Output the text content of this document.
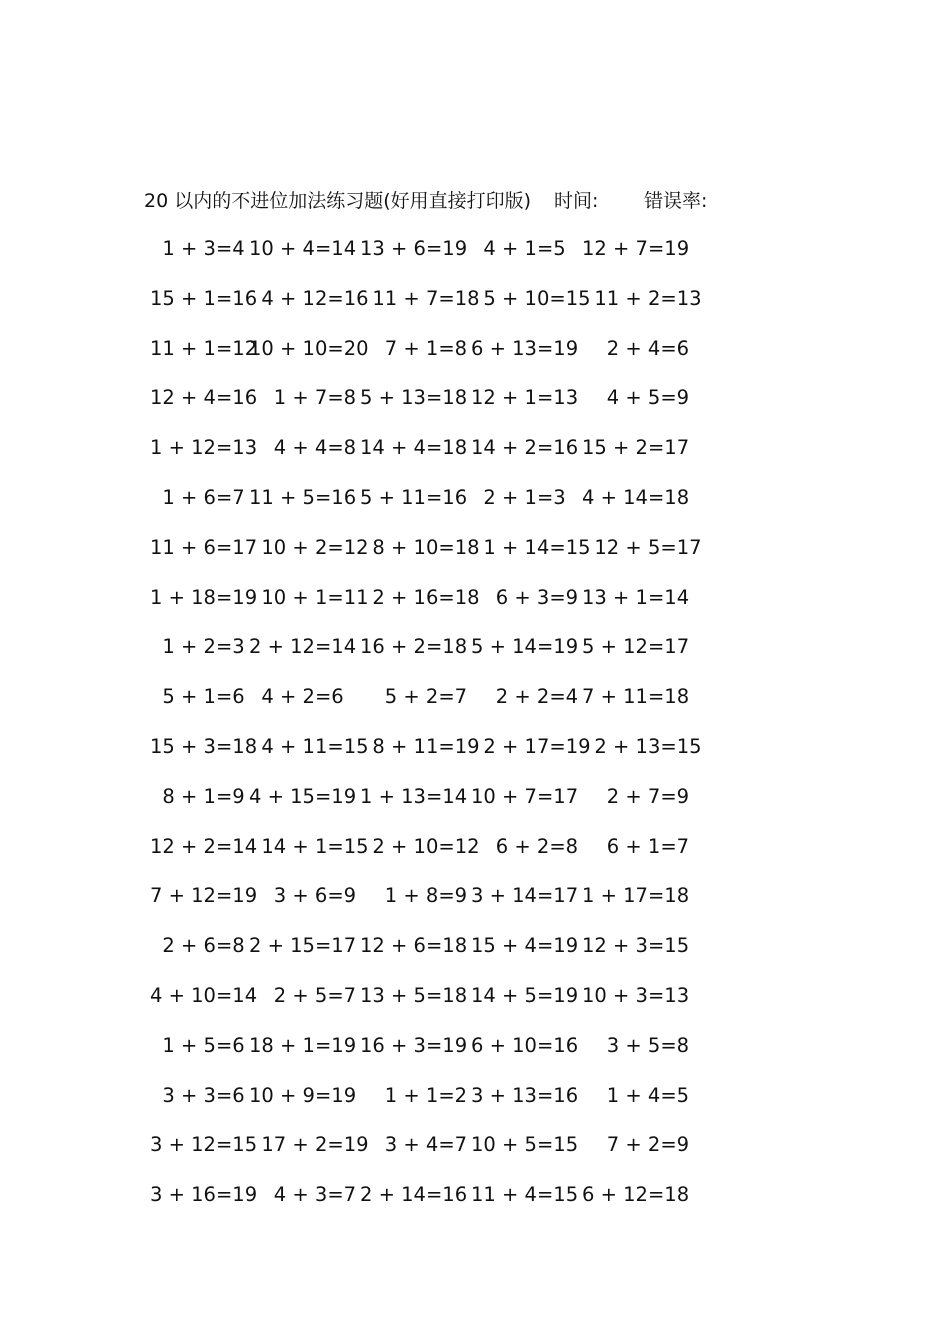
20 以内的不进位加法练习题(好用直接打印版) 时间: 错误率:
1 + 3=4 10 + 4=14 13 + 6=19 4 + 1=5 12 + 7=19
15 + 1=16
4 + 12=16
11 + 7=18
5 + 10=15
11 + 2=13
11 + 1=12
10 + 10=20
7 + 1=8 6 + 13=19 2 + 4=6
12 + 4=16
1 + 7=8 5 + 13=18 12 + 1=13 4 + 5=9
1 + 12=13
4 + 4=8 14 + 4=18 14 + 2=16 15 + 2=17
1 + 6=7 11 + 5=16 5 + 11=16 2 + 1=3 4 + 14=18
11 + 6=17
10 + 2=12
8 + 10=18
1 + 14=15
12 + 5=17
1 + 18=19
10 + 1=11
2 + 16=18
6 + 3=9 13 + 1=14
1 + 2=3 2 + 12=14 16 + 2=18 5 + 14=19 5 + 12=17
5 + 1=6 4 + 2=6 5 + 2=7 2 + 2=4 7 + 11=18
15 + 3=18
4 + 11=15
8 + 11=19
2 + 17=19
2 + 13=15
8 + 1=9 4 + 15=19 1 + 13=14 10 + 7=17 2 + 7=9
12 + 2=14
14 + 1=15
2 + 10=12
6 + 2=8 6 + 1=7
7 + 12=19
3 + 6=9 1 + 8=9 3 + 14=17 1 + 17=18
2 + 6=8 2 + 15=17 12 + 6=18 15 + 4=19 12 + 3=15
4 + 10=14
2 + 5=7 13 + 5=18 14 + 5=19 10 + 3=13
1 + 5=6 18 + 1=19 16 + 3=19 6 + 10=16 3 + 5=8
3 + 3=6 10 + 9=19 1 + 1=2 3 + 13=16 1 + 4=5
3 + 12=15
17 + 2=19
3 + 4=7 10 + 5=15 7 + 2=9
3 + 16=19
4 + 3=7 2 + 14=16 11 + 4=15 6 + 12=18
